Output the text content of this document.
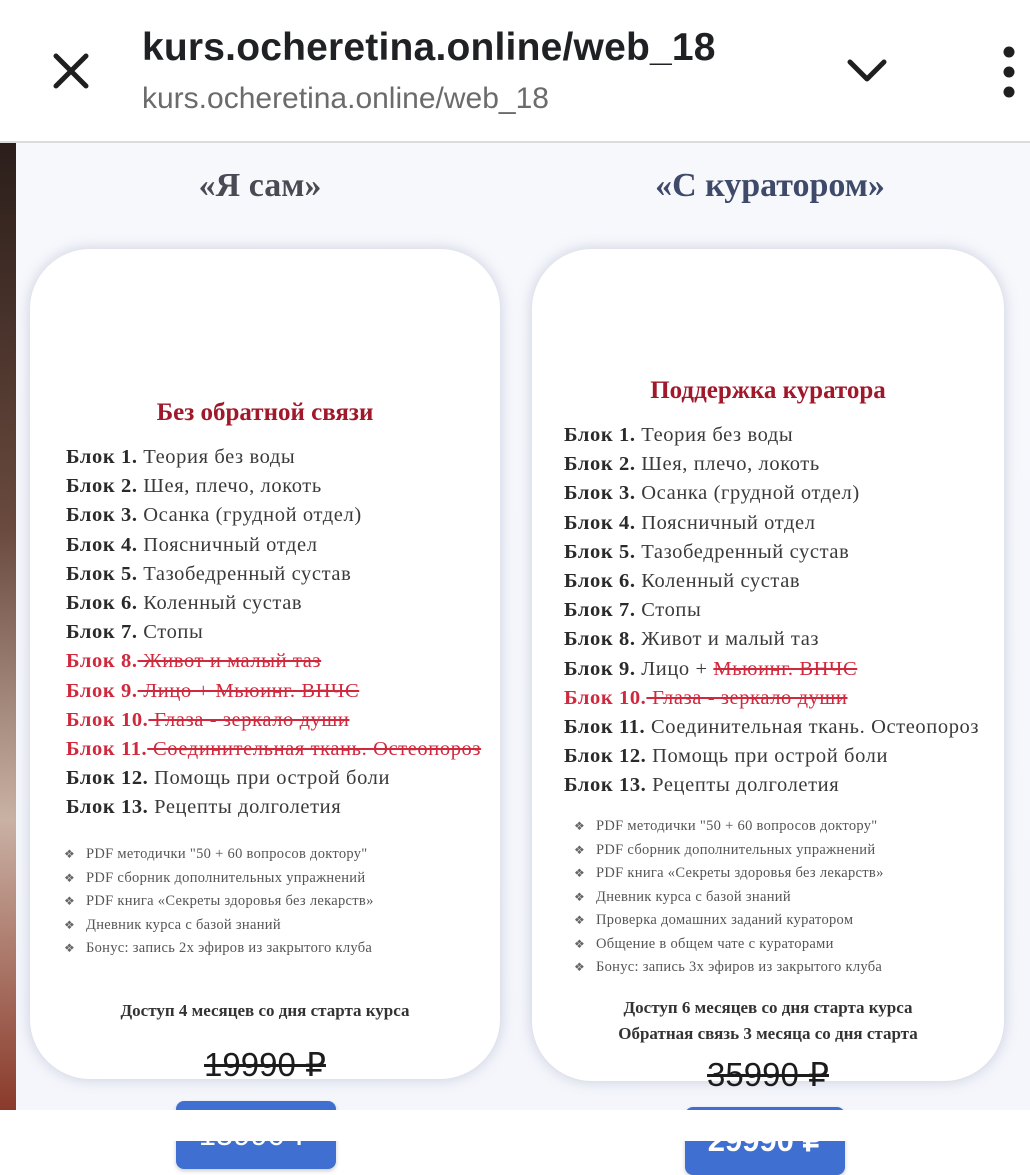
kurs.ocheretina.online/web_18
kurs.ocheretina.online/web_18
«Я сам»	«С куратором»
Без обратной связи
Блок 1. Теория без воды
Блок 2. Шея, плечо, локоть
Блок 3. Осанка (грудной отдел)
Блок 4. Поясничный отдел
Блок 5. Тазобедренный сустав
Блок 6. Коленный сустав
Блок 7. Стопы
Блок 8. Живот и малый таз
Блок 9. Лицо + Мьюинг. ВНЧС
Блок 10. Глаза - зеркало души
Блок 11. Соединительная ткань. Остеопороз
Блок 12. Помощь при острой боли
Блок 13. Рецепты долголетия
❖ PDF методички "50 + 60 вопросов доктору"
❖ PDF сборник дополнительных упражнений
❖ PDF книга «Секреты здоровья без лекарств»
❖ Дневник курса с базой знаний
❖ Бонус: запись 2х эфиров из закрытого клуба
Доступ 4 месяцев со дня старта курса
19990 ₽
Поддержка куратора
Блок 1. Теория без воды
Блок 2. Шея, плечо, локоть
Блок 3. Осанка (грудной отдел)
Блок 4. Поясничный отдел
Блок 5. Тазобедренный сустав
Блок 6. Коленный сустав
Блок 7. Стопы
Блок 8. Живот и малый таз
Блок 9. Лицо + Мьюинг. ВНЧС
Блок 10. Глаза - зеркало души
Блок 11. Соединительная ткань. Остеопороз
Блок 12. Помощь при острой боли
Блок 13. Рецепты долголетия
❖ PDF методички "50 + 60 вопросов доктору"
❖ PDF сборник дополнительных упражнений
❖ PDF книга «Секреты здоровья без лекарств»
❖ Дневник курса с базой знаний
❖ Проверка домашних заданий куратором
❖ Общение в общем чате с кураторами
❖ Бонус: запись 3х эфиров из закрытого клуба
Доступ 6 месяцев со дня старта курса
Обратная связь 3 месяца со дня старта
35990 ₽
